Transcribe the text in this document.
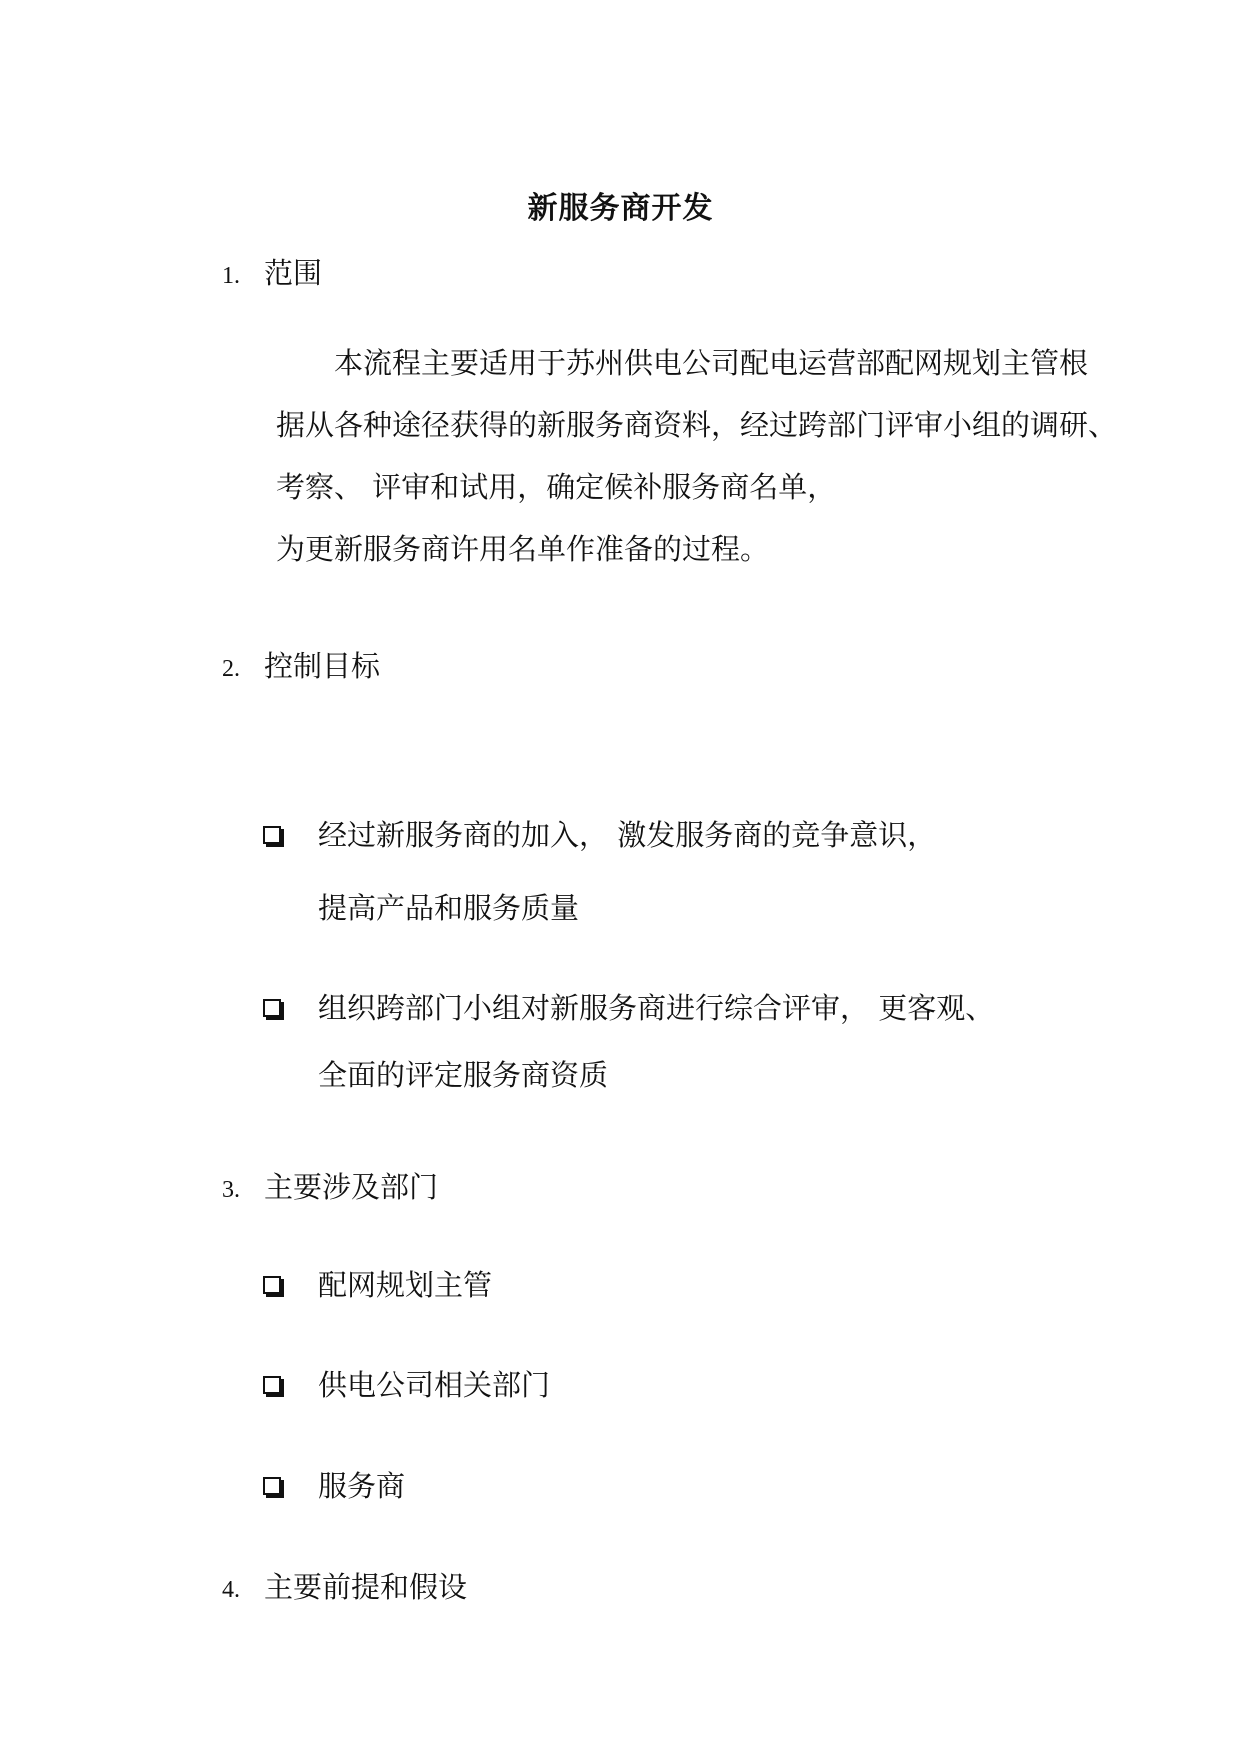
新服务商开发
1. 范围
本流程主要适用于苏州供电公司配电运营部配网规划主管根
据从各种途径获得的新服务商资料，经过跨部门评审小组的调研、
考察、 评审和试用，确定候补服务商名单，
为更新服务商许用名单作准备的过程。
2. 控制目标
经过新服务商的加入， 激发服务商的竞争意识，
提高产品和服务质量
组织跨部门小组对新服务商进行综合评审， 更客观、
全面的评定服务商资质
3. 主要涉及部门
配网规划主管
供电公司相关部门
服务商
4. 主要前提和假设
